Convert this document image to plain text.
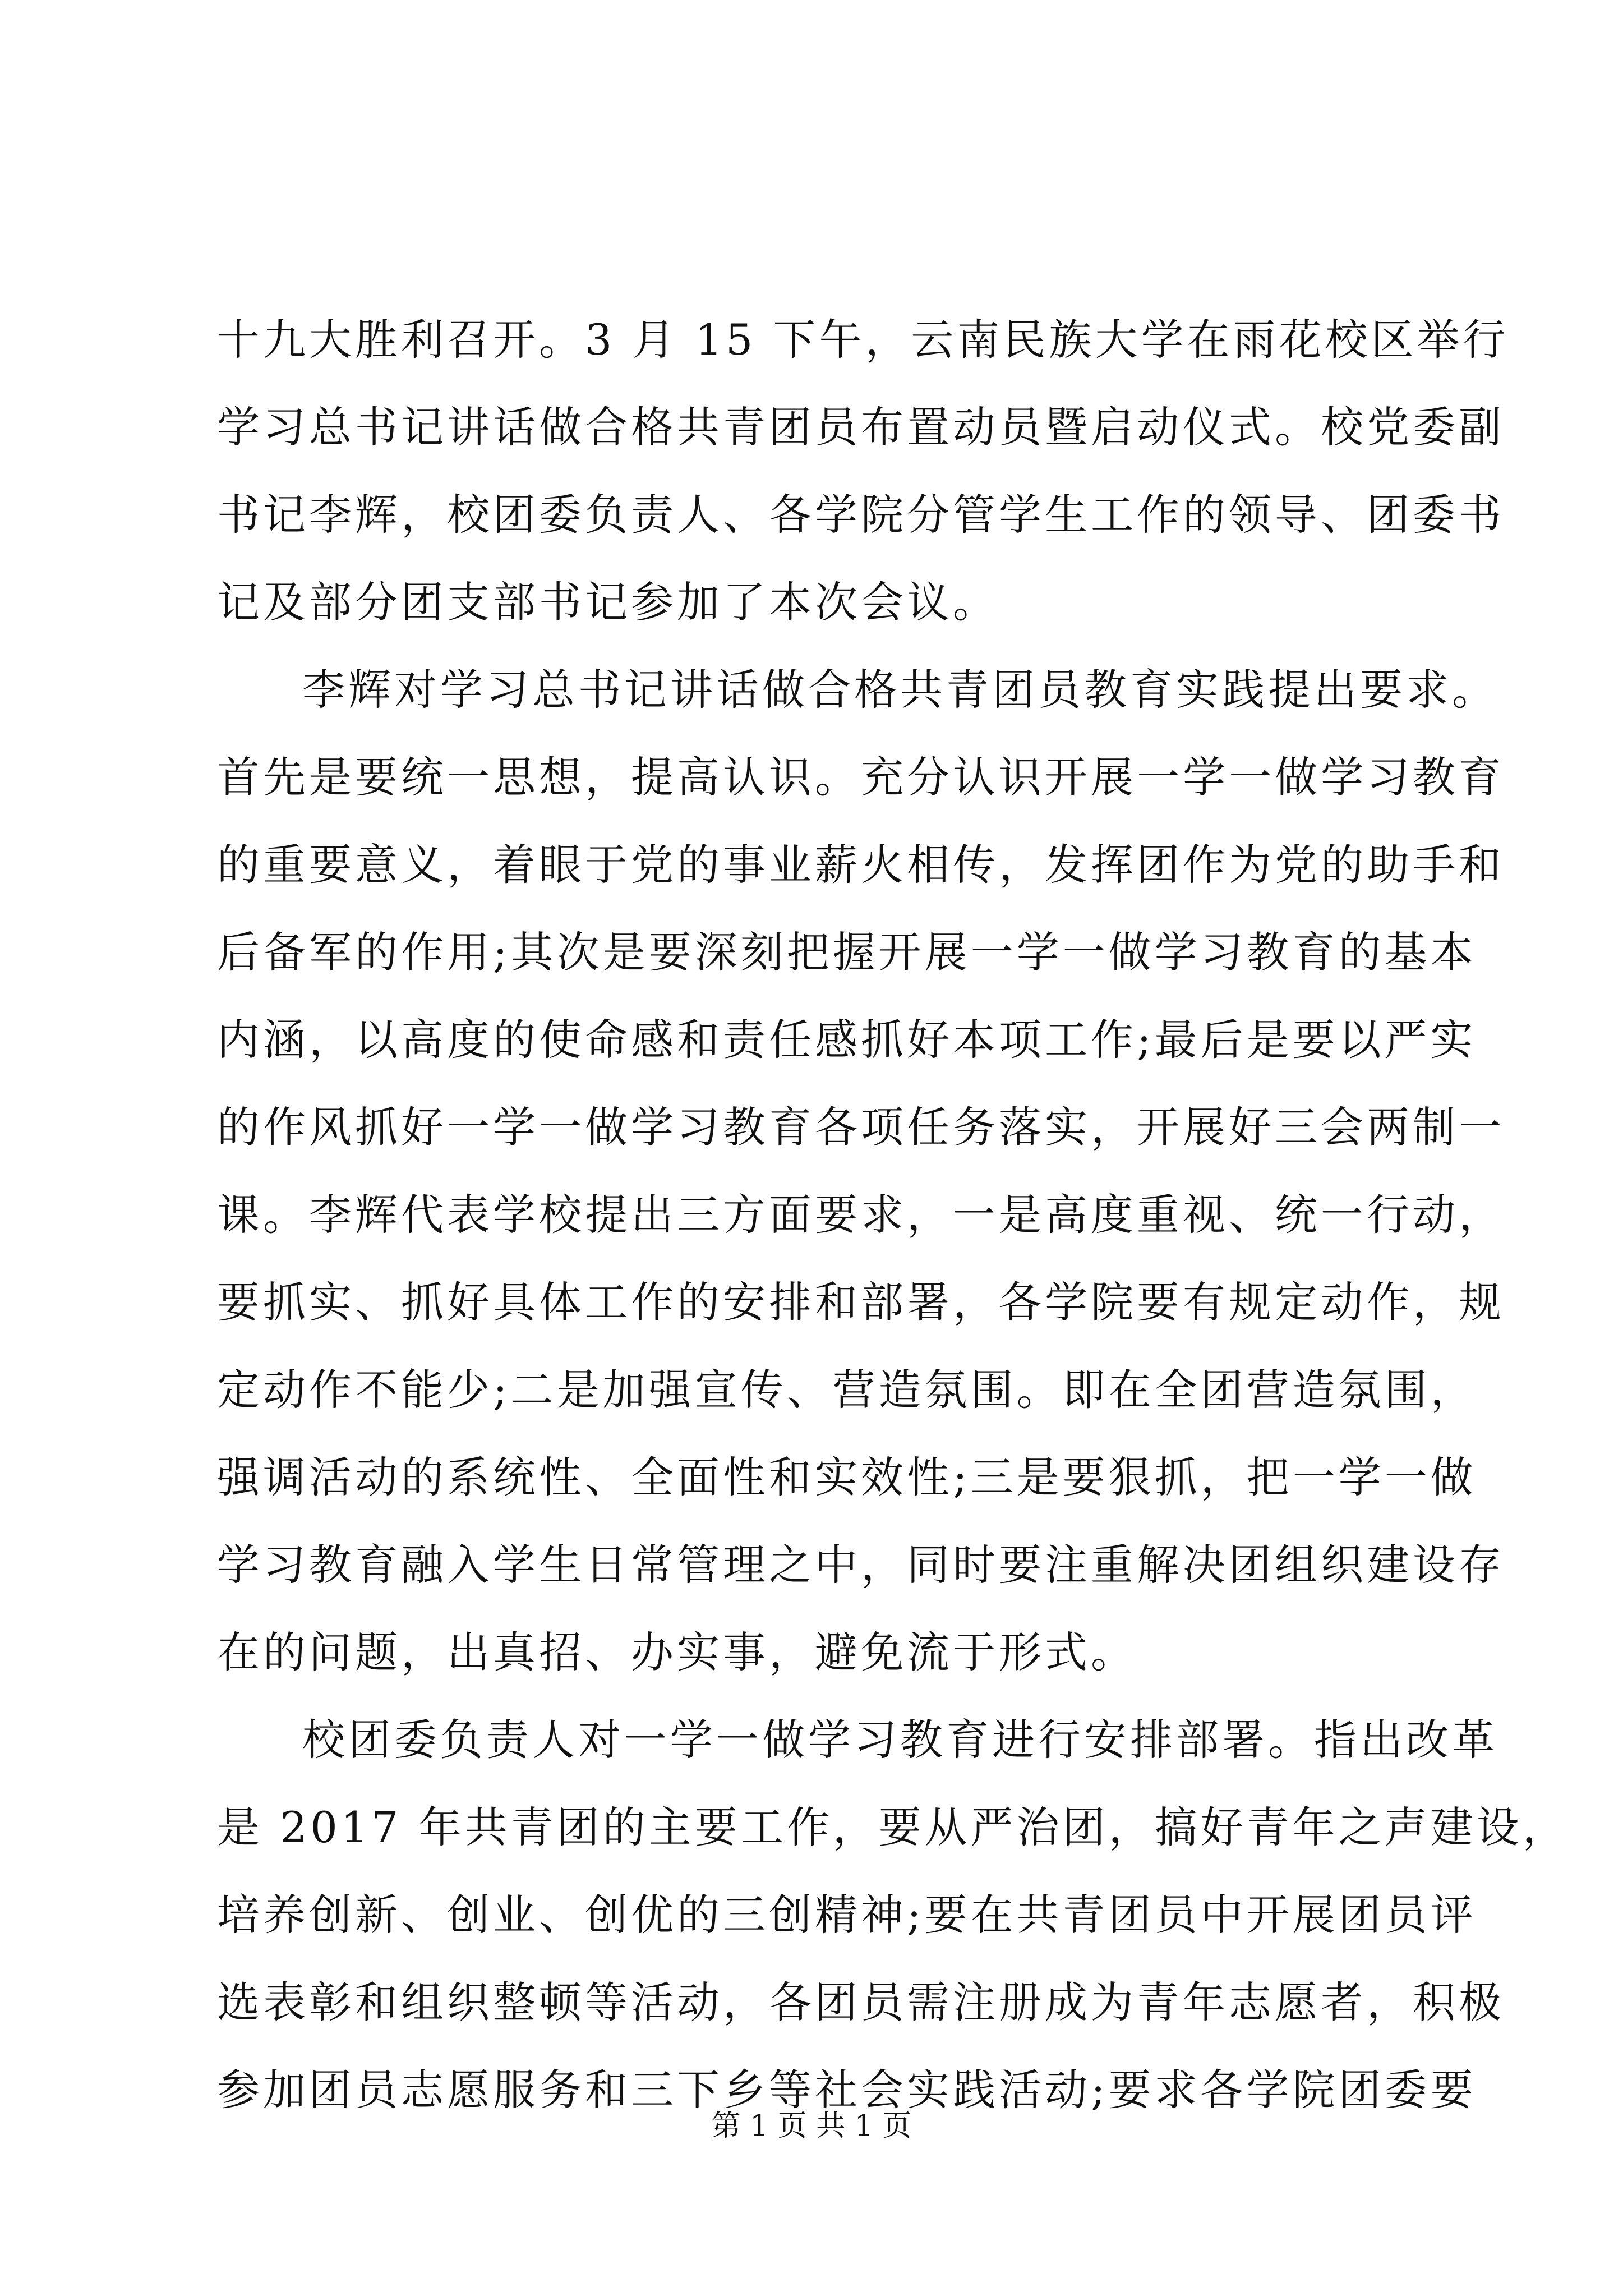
十九大胜利召开。3 月 15 下午，云南民族大学在雨花校区举行
学习总书记讲话做合格共青团员布置动员暨启动仪式。校党委副
书记李辉，校团委负责人、各学院分管学生工作的领导、团委书
记及部分团支部书记参加了本次会议。
李辉对学习总书记讲话做合格共青团员教育实践提出要求。
首先是要统一思想，提高认识。充分认识开展一学一做学习教育
的重要意义，着眼于党的事业薪火相传，发挥团作为党的助手和
后备军的作用;其次是要深刻把握开展一学一做学习教育的基本
内涵，以高度的使命感和责任感抓好本项工作;最后是要以严实
的作风抓好一学一做学习教育各项任务落实，开展好三会两制一
课。李辉代表学校提出三方面要求，一是高度重视、统一行动，
要抓实、抓好具体工作的安排和部署，各学院要有规定动作，规
定动作不能少;二是加强宣传、营造氛围。即在全团营造氛围，
强调活动的系统性、全面性和实效性;三是要狠抓，把一学一做
学习教育融入学生日常管理之中，同时要注重解决团组织建设存
在的问题，出真招、办实事，避免流于形式。
校团委负责人对一学一做学习教育进行安排部署。指出改革
是 2017 年共青团的主要工作，要从严治团，搞好青年之声建设，
培养创新、创业、创优的三创精神;要在共青团员中开展团员评
选表彰和组织整顿等活动，各团员需注册成为青年志愿者，积极
参加团员志愿服务和三下乡等社会实践活动;要求各学院团委要
第 1 页 共 1 页
